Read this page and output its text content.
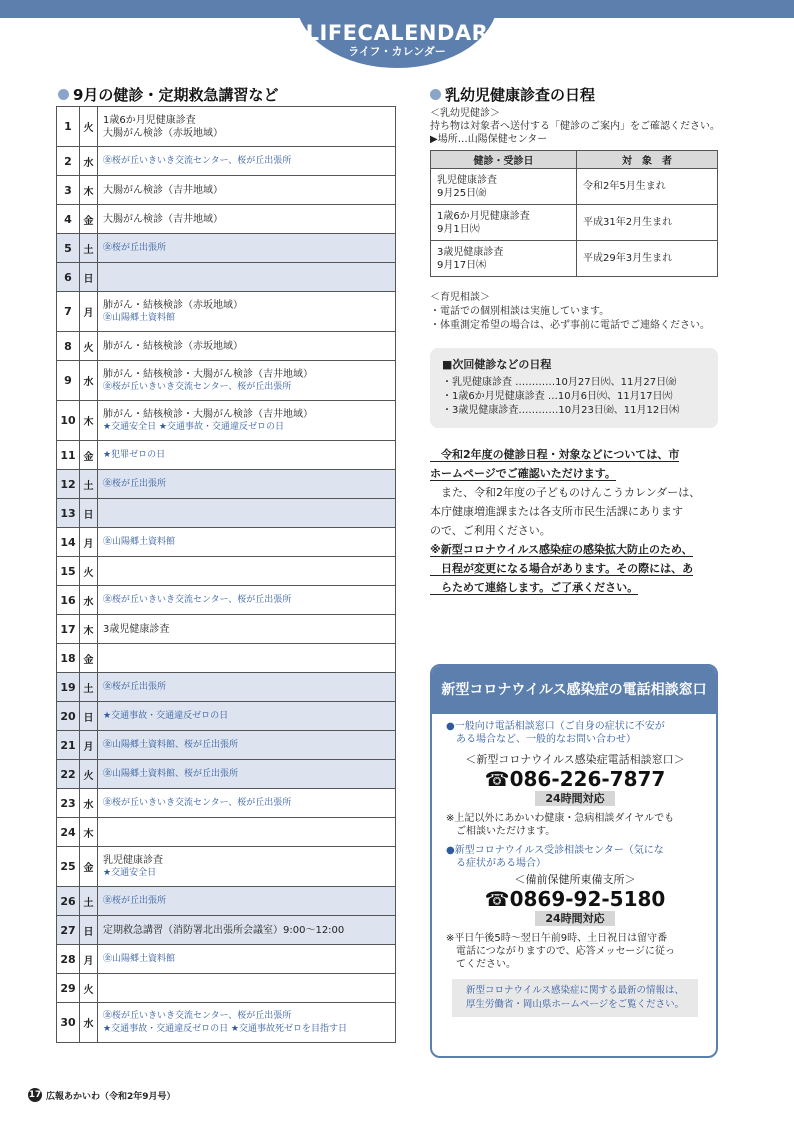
LIFECALENDAR
ライフ・カレンダー
9月の健診・定期救急講習など
1	火	1歳6か月児健康診査
大腸がん検診（赤坂地域）

2	水	㊎桜が丘いきいき交流センター、桜が丘出張所

3	木	大腸がん検診（吉井地域）

4	金	大腸がん検診（吉井地域）

5	土	㊎桜が丘出張所

6	日	
7	月	肺がん・結核検診（赤坂地域）
㊎山陽郷土資料館

8	火	肺がん・結核検診（赤坂地域）

9	水	肺がん・結核検診・大腸がん検診（吉井地域）
㊎桜が丘いきいき交流センター、桜が丘出張所

10	木	肺がん・結核検診・大腸がん検診（吉井地域）
★交通安全日 ★交通事故・交通違反ゼロの日

11	金	★犯罪ゼロの日

12	土	㊎桜が丘出張所

13	日	
14	月	㊎山陽郷土資料館

15	火	
16	水	㊎桜が丘いきいき交流センター、桜が丘出張所

17	木	3歳児健康診査

18	金	
19	土	㊎桜が丘出張所

20	日	★交通事故・交通違反ゼロの日

21	月	㊎山陽郷土資料館、桜が丘出張所

22	火	㊎山陽郷土資料館、桜が丘出張所

23	水	㊎桜が丘いきいき交流センター、桜が丘出張所

24	木	
25	金	乳児健康診査
★交通安全日

26	土	㊎桜が丘出張所

27	日	定期救急講習（消防署北出張所会議室）9:00～12:00

28	月	㊎山陽郷土資料館

29	火	
30	水	㊎桜が丘いきいき交流センター、桜が丘出張所
★交通事故・交通違反ゼロの日 ★交通事故死ゼロを目指す日
乳幼児健康診査の日程
＜乳幼児健診＞
持ち物は対象者へ送付する「健診のご案内」をご確認ください。
▶場所…山陽保健センター
健診・受診日	対　象　者
乳児健康診査
9月25日㈮	令和2年5月生まれ
1歳6か月児健康診査
9月1日㈫	平成31年2月生まれ
3歳児健康診査
9月17日㈭	平成29年3月生まれ
＜育児相談＞
・電話での個別相談は実施しています。
・体重測定希望の場合は、必ず事前に電話でご連絡ください。
■次回健診などの日程
・乳児健康診査 …………10月27日㈫、11月27日㈮
・1歳6か月児健康診査 …10月6日㈫、11月17日㈫
・3歳児健康診査…………10月23日㈮、11月12日㈭
　令和2年度の健診日程・対象などについては、市
ホームページでご確認いただけます。
　また、令和2年度の子どものけんこうカレンダーは、
本庁健康増進課または各支所市民生活課にあります
ので、ご利用ください。
※新型コロナウイルス感染症の感染拡大防止のため、
　日程が変更になる場合があります。その際には、あ
　らためて連絡します。ご了承ください。
新型コロナウイルス感染症の電話相談窓口
●一般向け電話相談窓口（ご自身の症状に不安が
　ある場合など、一般的なお問い合わせ）
＜新型コロナウイルス感染症電話相談窓口＞
☎086-226-7877
24時間対応
※上記以外にあかいわ健康・急病相談ダイヤルでも
　ご相談いただけます。
●新型コロナウイルス受診相談センター（気にな
　る症状がある場合）
＜備前保健所東備支所＞
☎0869-92-5180
24時間対応
※平日午後5時～翌日午前9時、土日祝日は留守番
　電話につながりますので、応答メッセージに従っ
　てください。
新型コロナウイルス感染症に関する最新の情報は、
厚生労働省・岡山県ホームページをご覧ください。
17 広報あかいわ（令和2年9月号）
